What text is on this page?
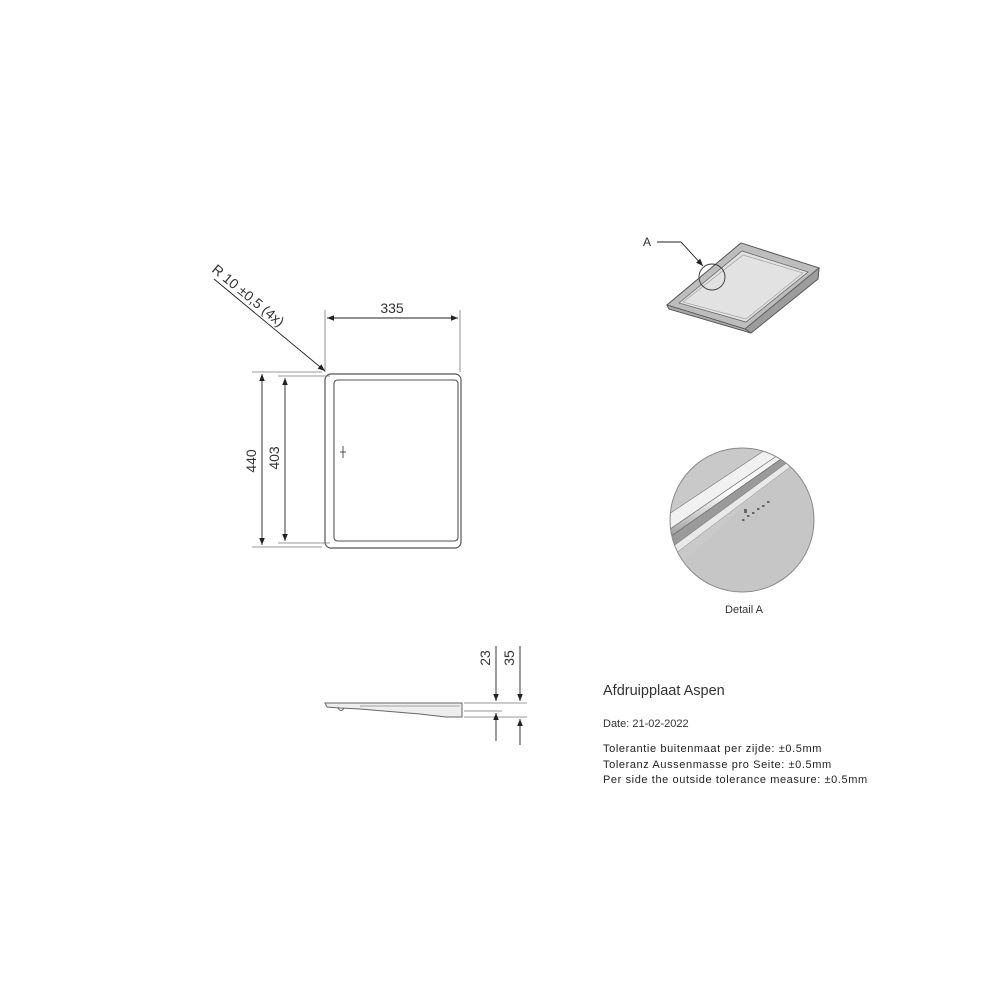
335
440 403
R 10 ±0,5 (4x)
23 35
A
Detail A

Afdruipplaat Aspen

Date: 21-02-2022

Tolerantie buitenmaat per zijde: ±0.5mm

Toleranz Aussenmasse pro Seite: ±0.5mm

Per side the outside tolerance measure: ±0.5mm
